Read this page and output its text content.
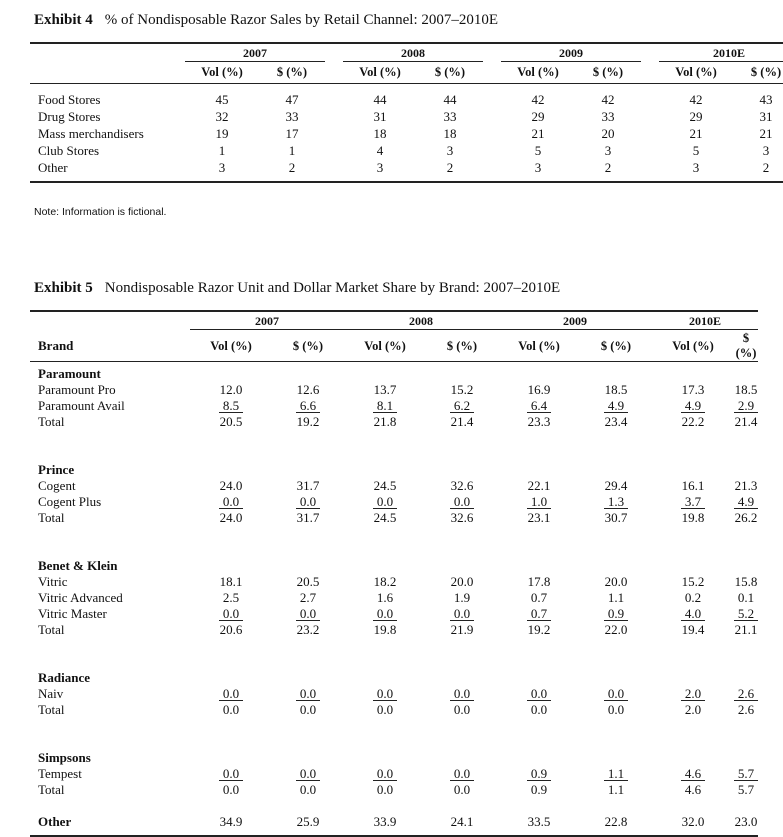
Exhibit 4 % of Nondisposable Razor Sales by Retail Channel: 2007–2010E
	2007			2008			2009			2010E	
	Vol (%)	$ (%)		Vol (%)	$ (%)		Vol (%)	$ (%)		Vol (%)	$ (%)

Food Stores	45	47		44	44		42	42		42	43
Drug Stores	32	33		31	33		29	33		29	31
Mass merchandisers	19	17		18	18		21	20		21	21
Club Stores	1	1		4	3		5	3		5	3
Other	3	2		3	2		3	2		3	2

Note: Information is fictional.
Exhibit 5 Nondisposable Razor Unit and Dollar Market Share by Brand: 2007–2010E
	2007		2008		2009		2010E	
Brand	Vol (%)	$ (%)	Vol (%)	$ (%)	Vol (%)	$ (%)	Vol (%)	$ (%)

Paramount								
Paramount Pro	12.0	12.6	13.7	15.2	16.9	18.5	17.3	18.5
Paramount Avail	8.5	6.6	8.1	6.2	6.4	4.9	4.9	2.9
Total	20.5	19.2	21.8	21.4	23.3	23.4	22.2	21.4

Prince								
Cogent	24.0	31.7	24.5	32.6	22.1	29.4	16.1	21.3
Cogent Plus	0.0	0.0	0.0	0.0	1.0	1.3	3.7	4.9
Total	24.0	31.7	24.5	32.6	23.1	30.7	19.8	26.2

Benet & Klein								
Vitric	18.1	20.5	18.2	20.0	17.8	20.0	15.2	15.8
Vitric Advanced	2.5	2.7	1.6	1.9	0.7	1.1	0.2	0.1
Vitric Master	0.0	0.0	0.0	0.0	0.7	0.9	4.0	5.2
Total	20.6	23.2	19.8	21.9	19.2	22.0	19.4	21.1

Radiance								
Naiv	0.0	0.0	0.0	0.0	0.0	0.0	2.0	2.6
Total	0.0	0.0	0.0	0.0	0.0	0.0	2.0	2.6

Simpsons								
Tempest	0.0	0.0	0.0	0.0	0.9	1.1	4.6	5.7
Total	0.0	0.0	0.0	0.0	0.9	1.1	4.6	5.7

Other	34.9	25.9	33.9	24.1	33.5	22.8	32.0	23.0
